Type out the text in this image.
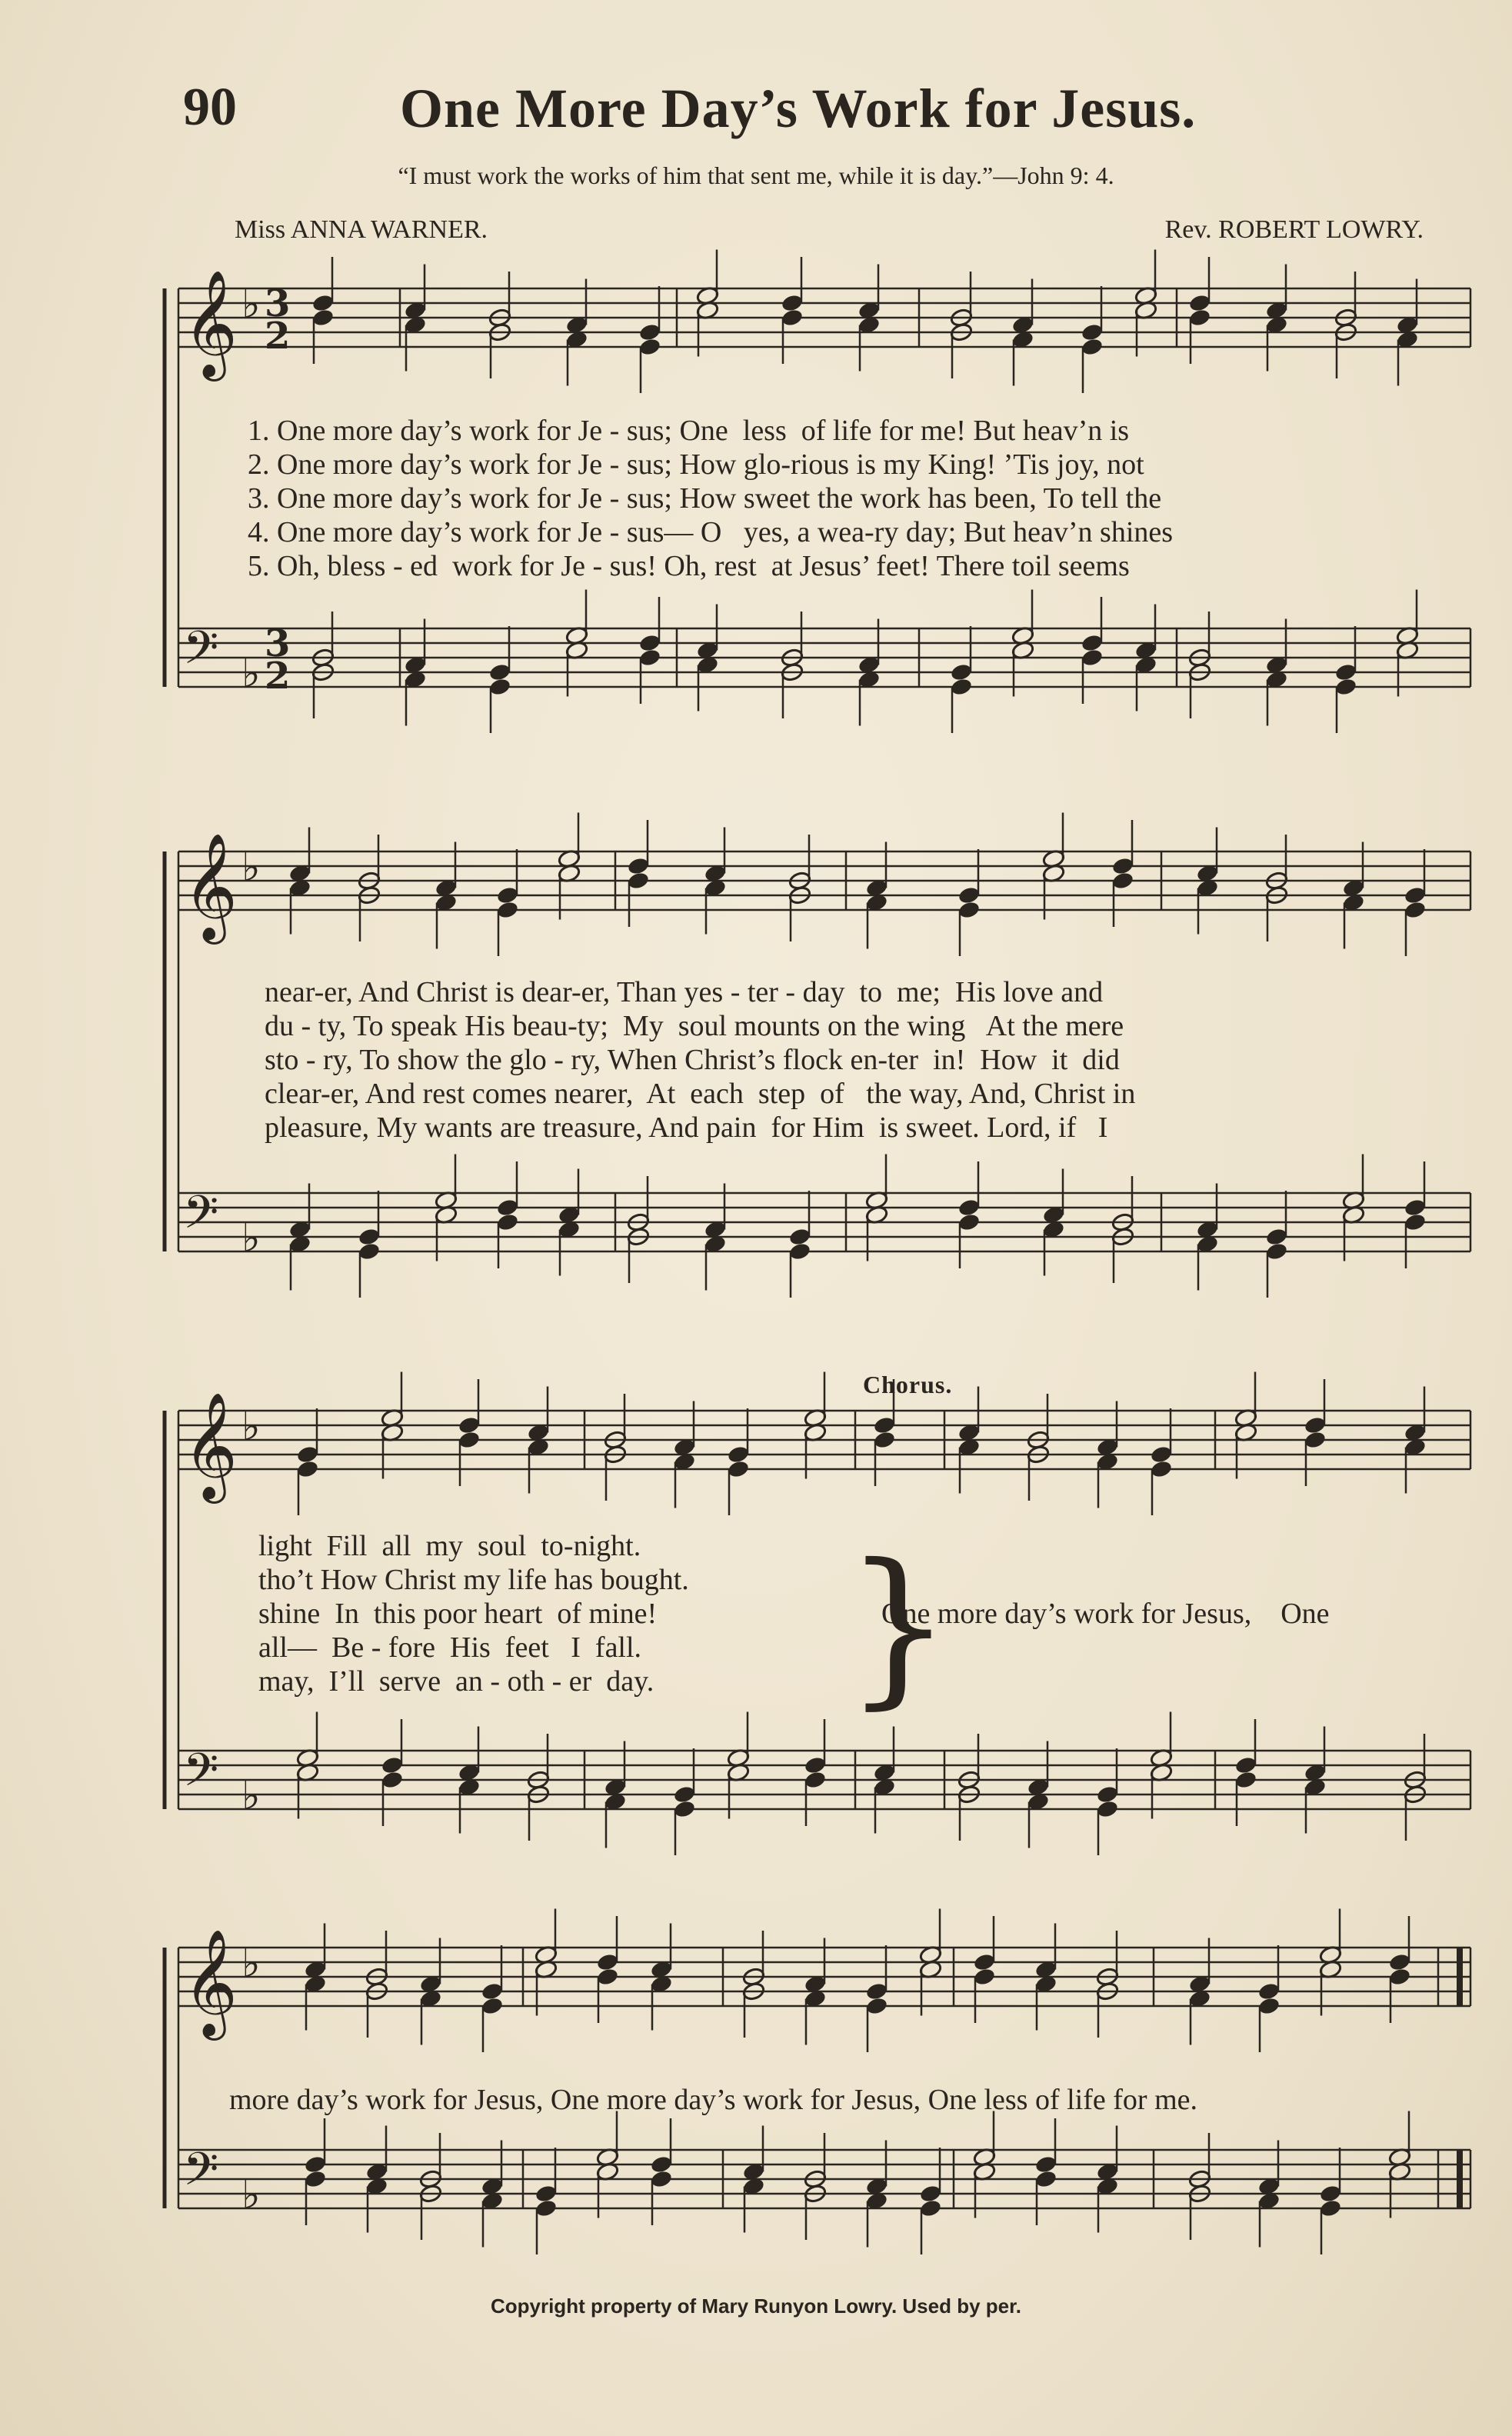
90	One More Day’s Work for Jesus.
“I must work the works of him that sent me, while it is day.”—John 9: 4.
Miss ANNA WARNER.	Rev. ROBERT LOWRY.
𝄞 ♭ 3
2
𝄢 ♭
3
2
𝄞 ♭
𝄢 ♭
𝄞 ♭
𝄢 ♭
𝄞 ♭
𝄢 ♭
}
1. One more day’s work for Je - sus; One  less  of life for me! But heav’n is
2. One more day’s work for Je - sus; How glo-rious is my King! ’Tis joy, not
3. One more day’s work for Je - sus; How sweet the work has been, To tell the
4. One more day’s work for Je - sus— O   yes, a wea-ry day; But heav’n shines
5. Oh, bless - ed  work for Je - sus! Oh, rest  at Jesus’ feet! There toil seems
near-er, And Christ is dear-er, Than yes - ter - day  to  me;  His love and
du - ty, To speak His beau-ty;  My  soul mounts on the wing   At the mere
sto - ry, To show the glo - ry, When Christ’s flock en-ter  in!  How  it  did
clear-er, And rest comes nearer,  At  each  step  of   the way, And, Christ in
pleasure, My wants are treasure, And pain  for Him  is sweet. Lord, if   I
Chorus.
light  Fill  all  my  soul  to-night.
tho’t How Christ my life has bought.
shine  In  this poor heart  of mine!
all—  Be - fore  His  feet   I  fall.
may,  I’ll  serve  an - oth - er  day.
One more day’s work for Jesus,    One
more day’s work for Jesus, One more day’s work for Jesus, One less of life for me.
Copyright property of Mary Runyon Lowry. Used by per.
